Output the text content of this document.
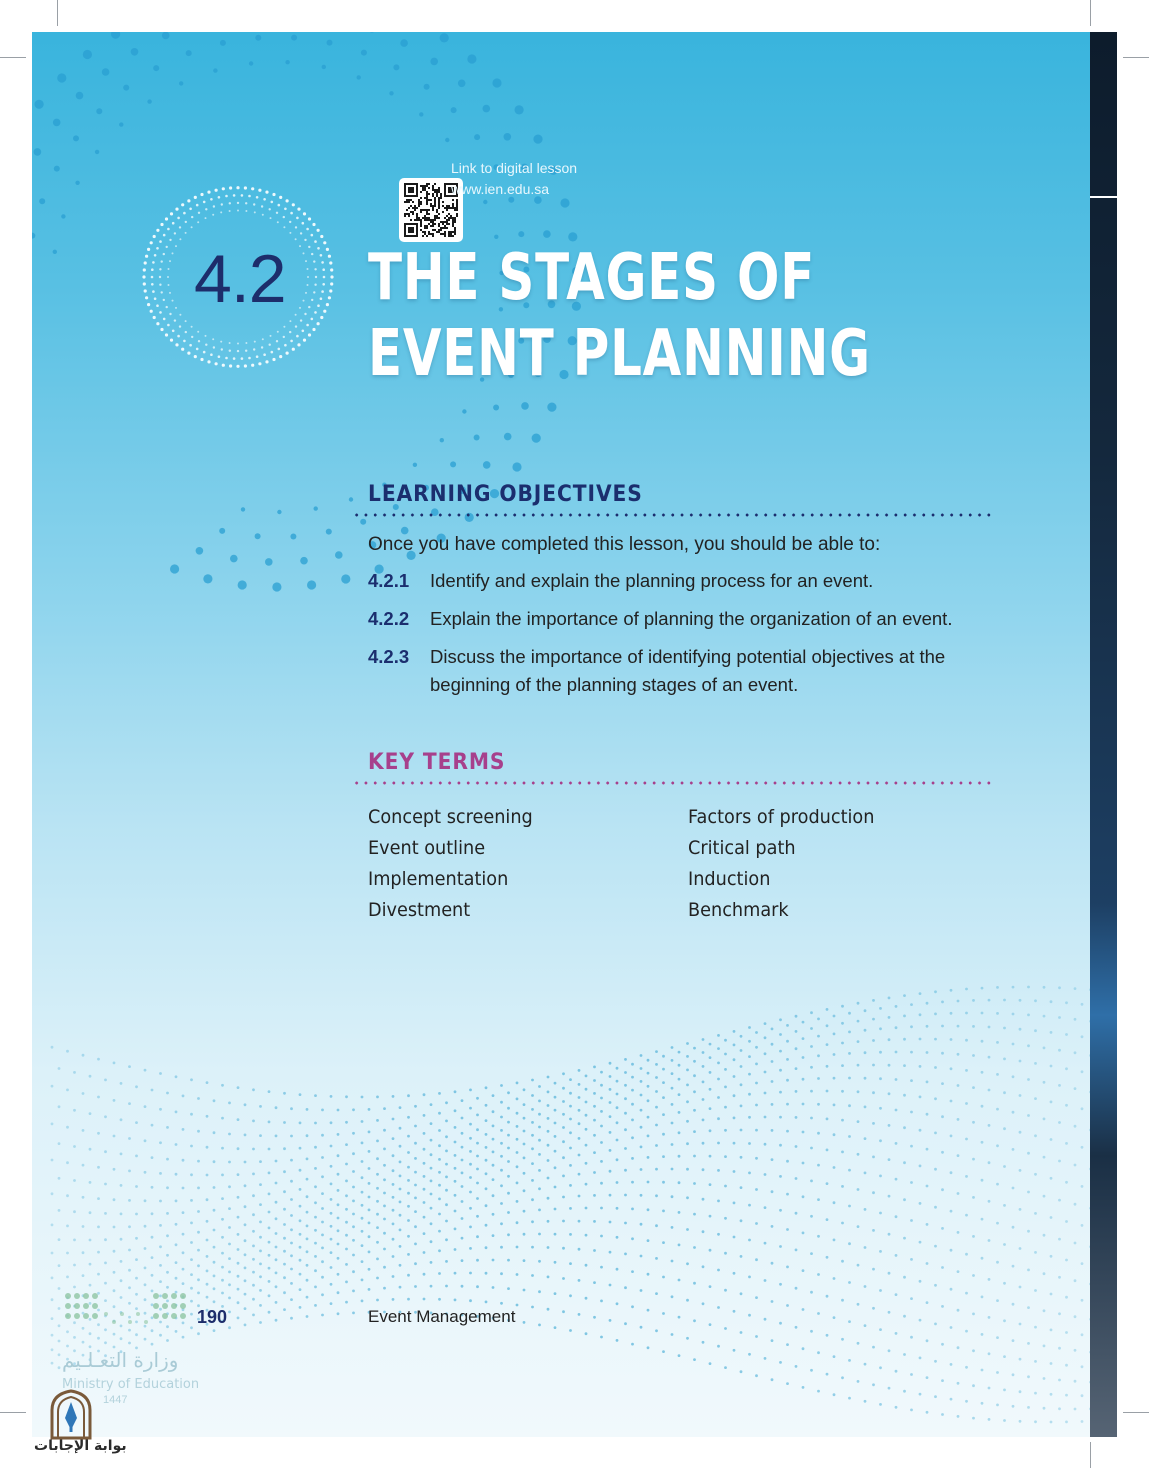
Link to digital lesson
www.ien.edu.sa
4.2 THE STAGES OF
EVENT PLANNING
LEARNING OBJECTIVES
Once you have completed this lesson, you should be able to:
4.2.1 Identify and explain the planning process for an event.
4.2.2 Explain the importance of planning the organization of an event.
4.2.3 Discuss the importance of identifying potential objectives at the beginning of the planning stages of an event.
KEY TERMS
Concept screening
Event outline
Implementation
Divestment
Factors of production
Critical path
Induction
Benchmark
190	Event Management
وزارة التعـلـيم
Ministry of Education
1447
بوابة الإجابات
